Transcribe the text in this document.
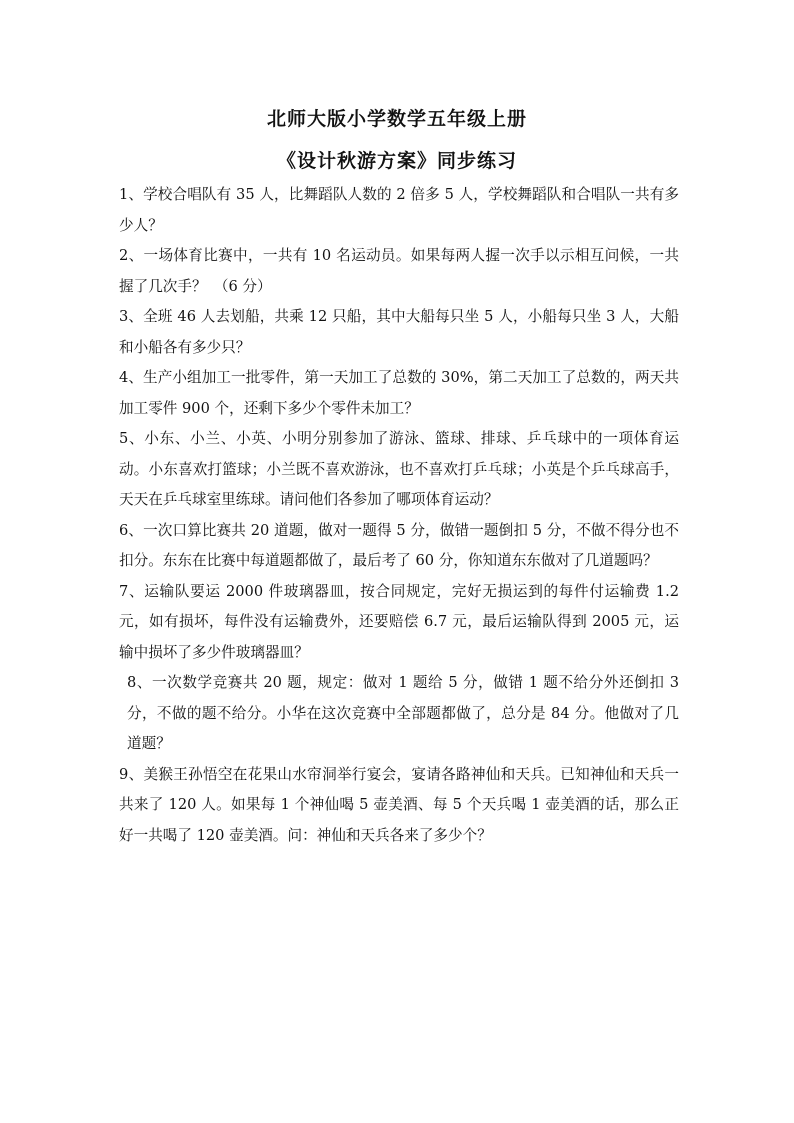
北师大版小学数学五年级上册
《设计秋游方案》同步练习

1、学校合唱队有 35 人，比舞蹈队人数的 2 倍多 5 人，学校舞蹈队和合唱队一共有多少人？

2、一场体育比赛中，一共有 10 名运动员。如果每两人握一次手以示相互问候，一共握了几次手？　（6 分）

3、全班 46 人去划船，共乘 12 只船，其中大船每只坐 5 人，小船每只坐 3 人，大船和小船各有多少只？

4、生产小组加工一批零件，第一天加工了总数的 30%，第二天加工了总数的，两天共加工零件 900 个，还剩下多少个零件未加工？

5、小东、小兰、小英、小明分别参加了游泳、篮球、排球、乒乓球中的一项体育运动。小东喜欢打篮球；小兰既不喜欢游泳，也不喜欢打乒乓球；小英是个乒乓球高手，天天在乒乓球室里练球。请问他们各参加了哪项体育运动？

6、一次口算比赛共 20 道题，做对一题得 5 分，做错一题倒扣 5 分，不做不得分也不扣分。东东在比赛中每道题都做了，最后考了 60 分，你知道东东做对了几道题吗？

7、运输队要运 2000 件玻璃器皿，按合同规定，完好无损运到的每件付运输费 1.2 元，如有损坏，每件没有运输费外，还要赔偿 6.7 元，最后运输队得到 2005 元，运输中损坏了多少件玻璃器皿？

8、一次数学竞赛共 20 题，规定：做对 1 题给 5 分，做错 1 题不给分外还倒扣 3 分，不做的题不给分。小华在这次竞赛中全部题都做了，总分是 84 分。他做对了几道题？

9、美猴王孙悟空在花果山水帘洞举行宴会，宴请各路神仙和天兵。已知神仙和天兵一共来了 120 人。如果每 1 个神仙喝 5 壶美酒、每 5 个天兵喝 1 壶美酒的话，那么正好一共喝了 120 壶美酒。问：神仙和天兵各来了多少个？
